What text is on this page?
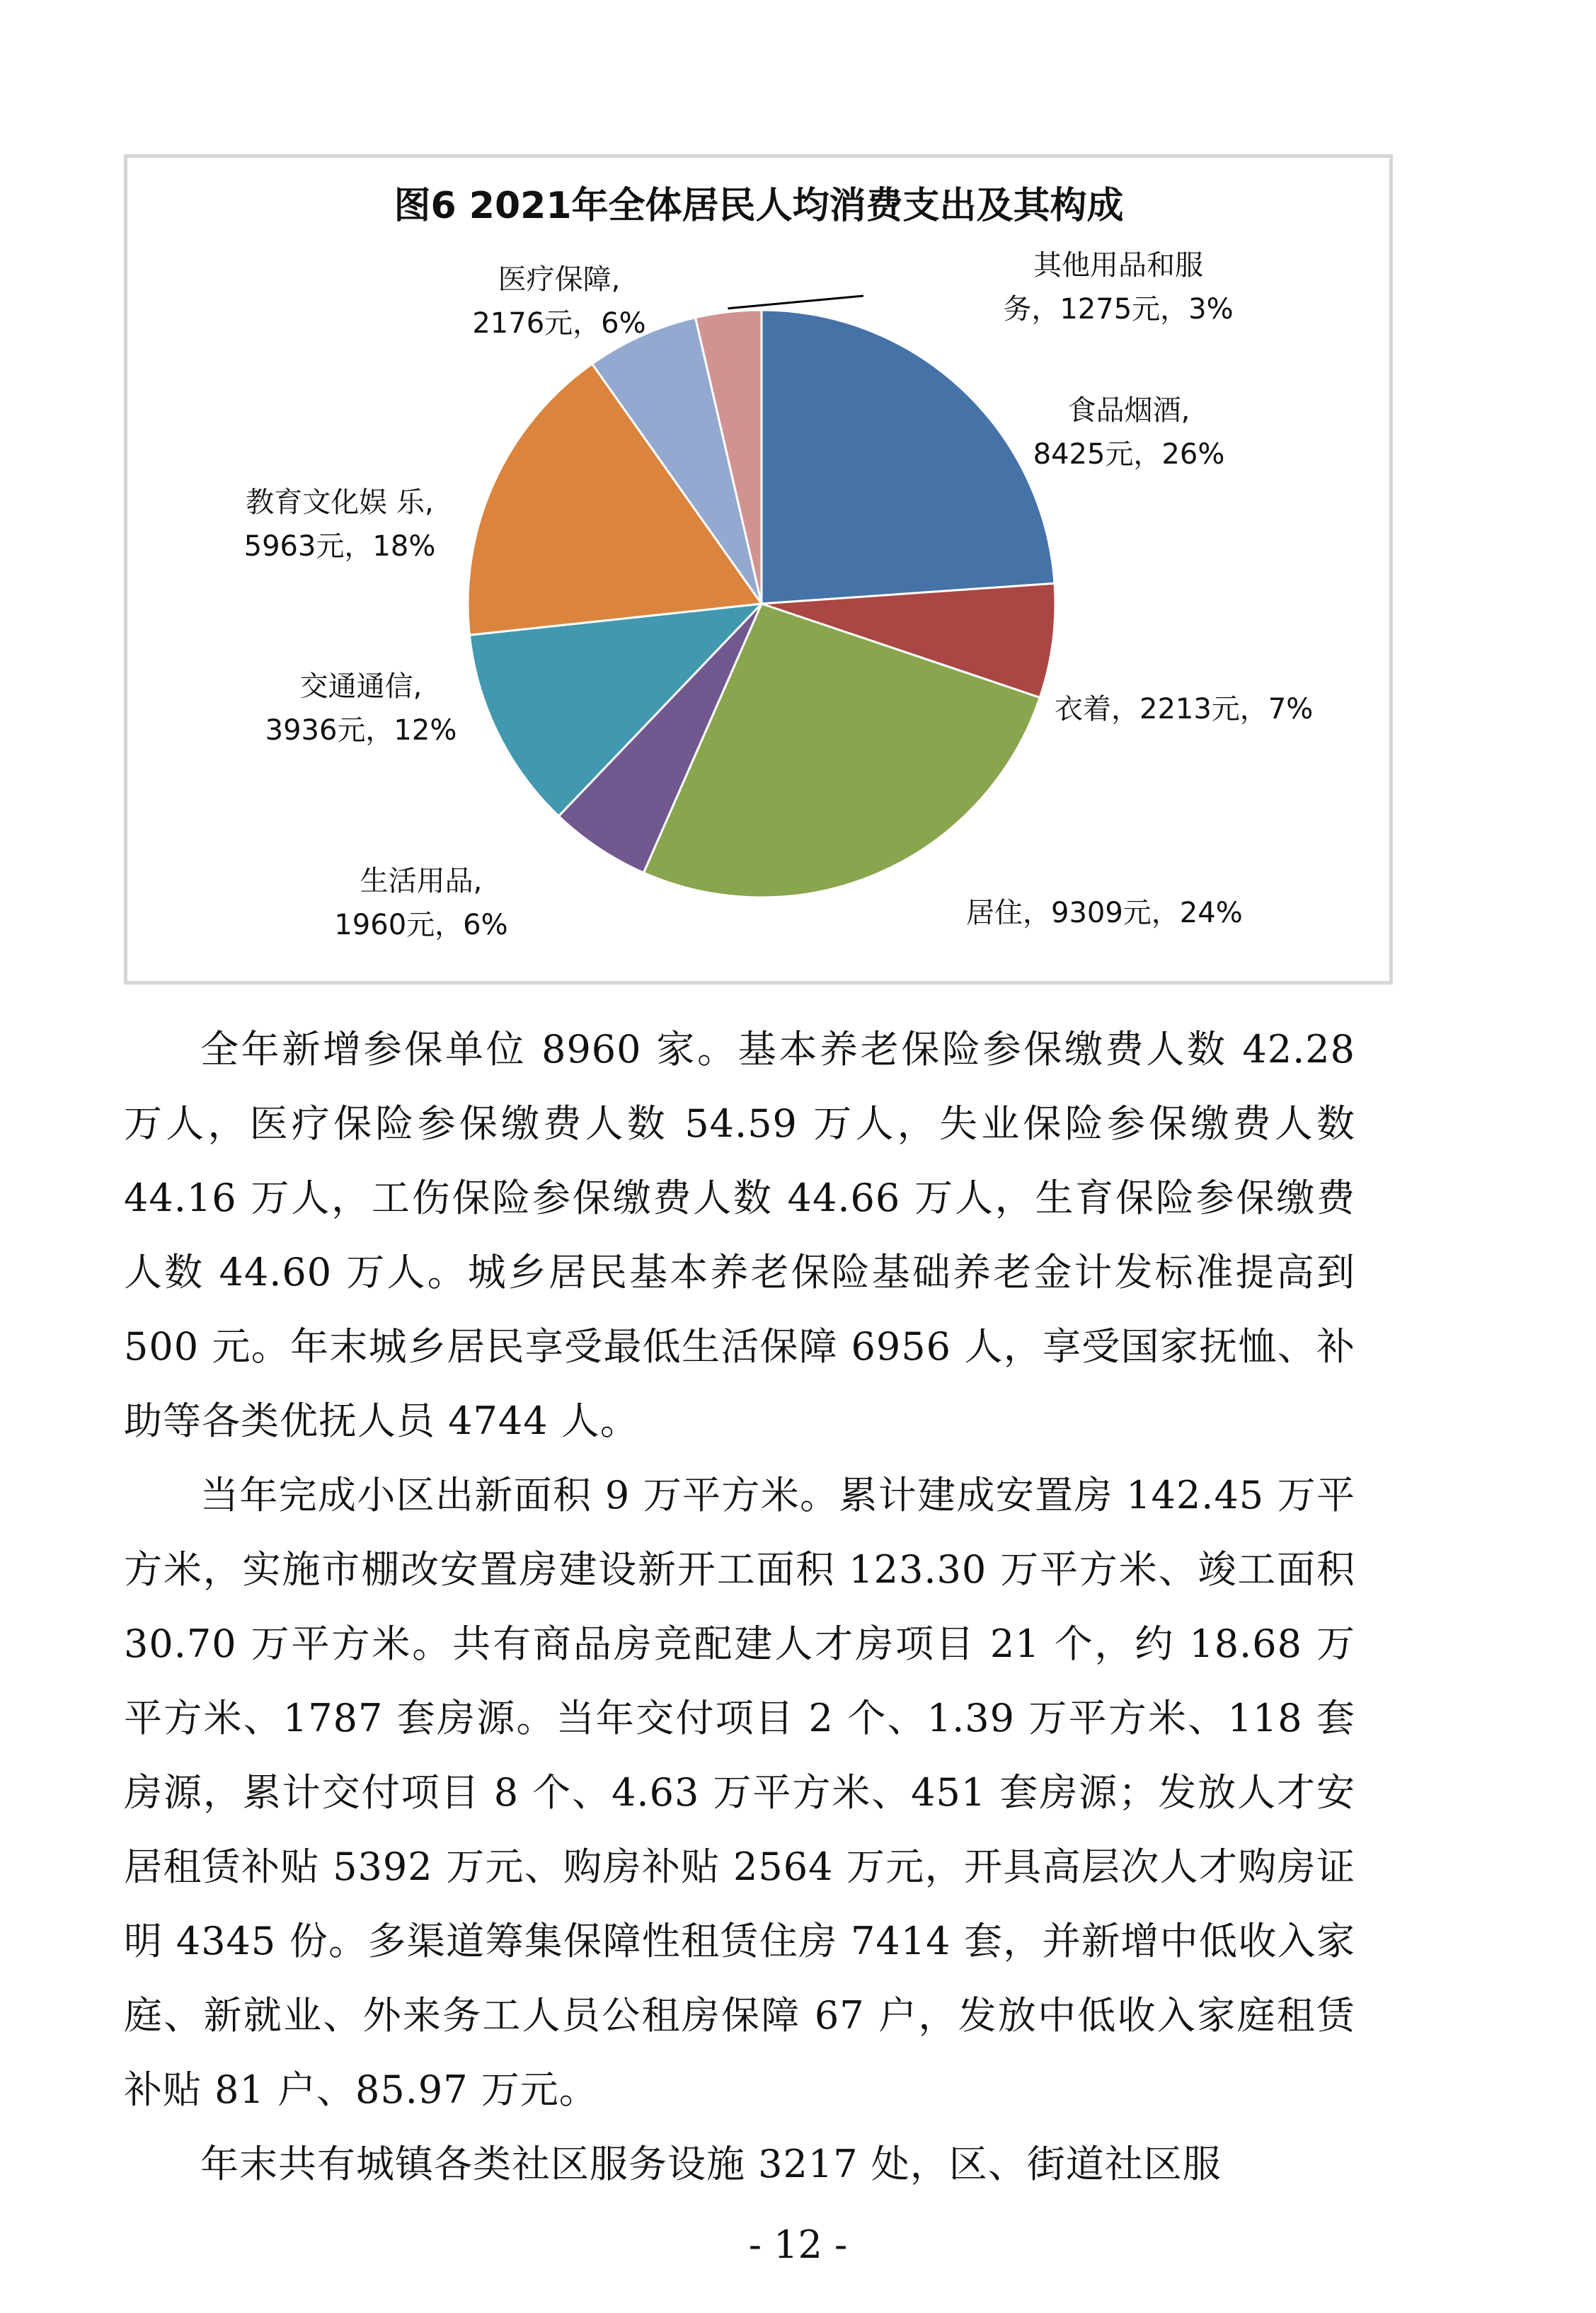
图6 2021年全体居民人均消费支出及其构成
食品烟酒, 8425元，26%
衣着，2213元，7%
居住，9309元，24%
生活用品, 1960元，6%
交通通信, 3936元，12%
教育文化娱 乐, 5963元，18%
医疗保障, 2176元，6%
其他用品和服务，1275元，3%

全年新增参保单位 8960 家。基本养老保险参保缴费人数 42.28 万人，医疗保险参保缴费人数 54.59 万人，失业保险参保缴费人数 44.16 万人，工伤保险参保缴费人数 44.66 万人，生育保险参保缴费人数 44.60 万人。城乡居民基本养老保险基础养老金计发标准提高到 500 元。年末城乡居民享受最低生活保障 6956 人，享受国家抚恤、补助等各类优抚人员 4744 人。

当年完成小区出新面积 9 万平方米。累计建成安置房 142.45 万平方米，实施市棚改安置房建设新开工面积 123.30 万平方米、竣工面积 30.70 万平方米。共有商品房竞配建人才房项目 21 个，约 18.68 万平方米、1787 套房源。当年交付项目 2 个、1.39 万平方米、118 套房源，累计交付项目 8 个、4.63 万平方米、451 套房源；发放人才安居租赁补贴 5392 万元、购房补贴 2564 万元，开具高层次人才购房证明 4345 份。多渠道筹集保障性租赁住房 7414 套，并新增中低收入家庭、新就业、外来务工人员公租房保障 67 户，发放中低收入家庭租赁补贴 81 户、85.97 万元。

年末共有城镇各类社区服务设施 3217 处，区、街道社区服

- 12 -
